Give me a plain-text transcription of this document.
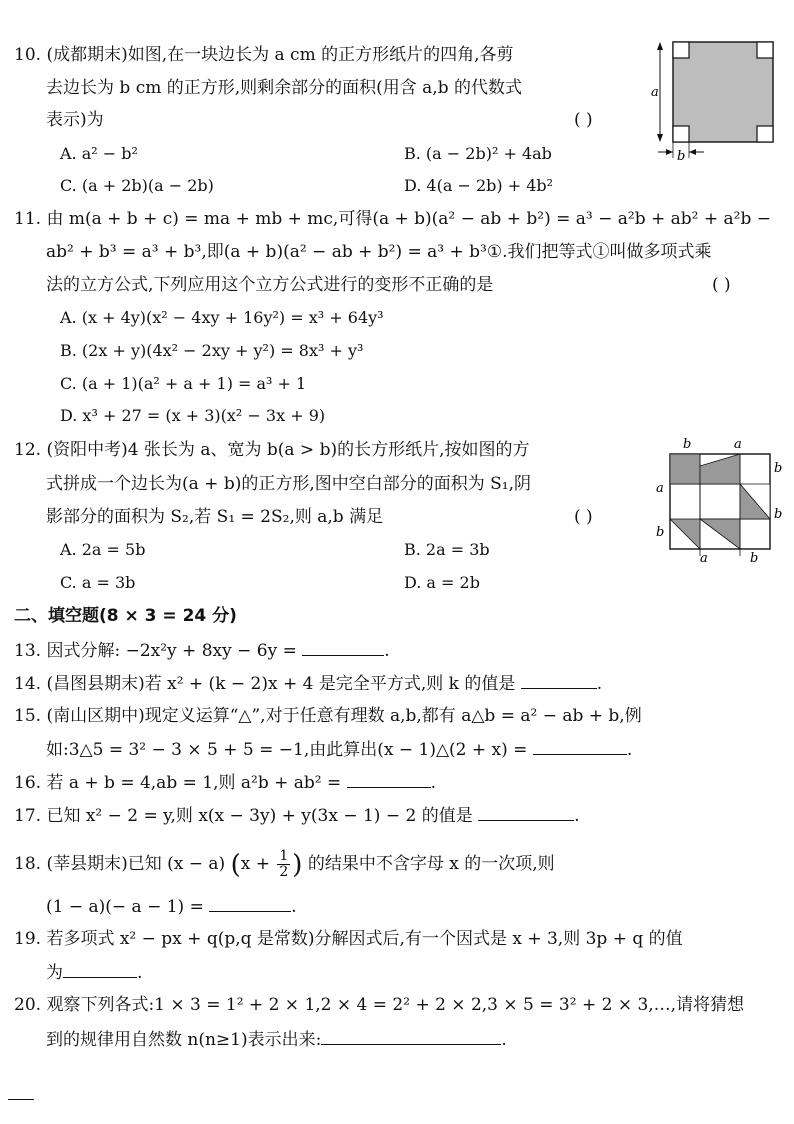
10. (成都期末)如图,在一块边长为 a cm 的正方形纸片的四角,各剪
去边长为 b cm 的正方形,则剩余部分的面积(用含 a,b 的代数式
表示)为	( )
A. a² − b²	B. (a − 2b)² + 4ab
C. (a + 2b)(a − 2b)	D. 4(a − 2b) + 4b²
a
b
11. 由 m(a + b + c) = ma + mb + mc,可得(a + b)(a² − ab + b²) = a³ − a²b + ab² + a²b −
ab² + b³ = a³ + b³,即(a + b)(a² − ab + b²) = a³ + b³①.我们把等式①叫做多项式乘
法的立方公式,下列应用这个立方公式进行的变形不正确的是	( )
A. (x + 4y)(x² − 4xy + 16y²) = x³ + 64y³
B. (2x + y)(4x² − 2xy + y²) = 8x³ + y³
C. (a + 1)(a² + a + 1) = a³ + 1
D. x³ + 27 = (x + 3)(x² − 3x + 9)
12. (资阳中考)4 张长为 a、宽为 b(a > b)的长方形纸片,按如图的方
式拼成一个边长为(a + b)的正方形,图中空白部分的面积为 S₁,阴
影部分的面积为 S₂,若 S₁ = 2S₂,则 a,b 满足	( )
A. 2a = 5b	B. 2a = 3b
C. a = 3b	D. a = 2b
b	a
a
b
b
b
a	b
二、填空题(8 × 3 = 24 分)
13. 因式分解: −2x²y + 8xy − 6y =	.
14. (昌图县期末)若 x² + (k − 2)x + 4 是完全平方式,则 k 的值是	.
15. (南山区期中)现定义运算“△”,对于任意有理数 a,b,都有 a△b = a² − ab + b,例
如:3△5 = 3² − 3 × 5 + 5 = −1,由此算出(x − 1)△(2 + x) =	.
16. 若 a + b = 4,ab = 1,则 a²b + ab² =	.
17. 已知 x² − 2 = y,则 x(x − 3y) + y(3x − 1) − 2 的值是	.
18. (莘县期末)已知 (x − a) ($x + \frac{1}{2}$ ) 的结果中不含字母 x 的一次项,则
(1 − a)(− a − 1) =	.
19. 若多项式 x² − px + q(p,q 是常数)分解因式后,有一个因式是 x + 3,则 3p + q 的值
为	.
20. 观察下列各式:1 × 3 = 1² + 2 × 1,2 × 4 = 2² + 2 × 2,3 × 5 = 3² + 2 × 3,…,请将猜想
到的规律用自然数 n(n≥1)表示出来:	.
